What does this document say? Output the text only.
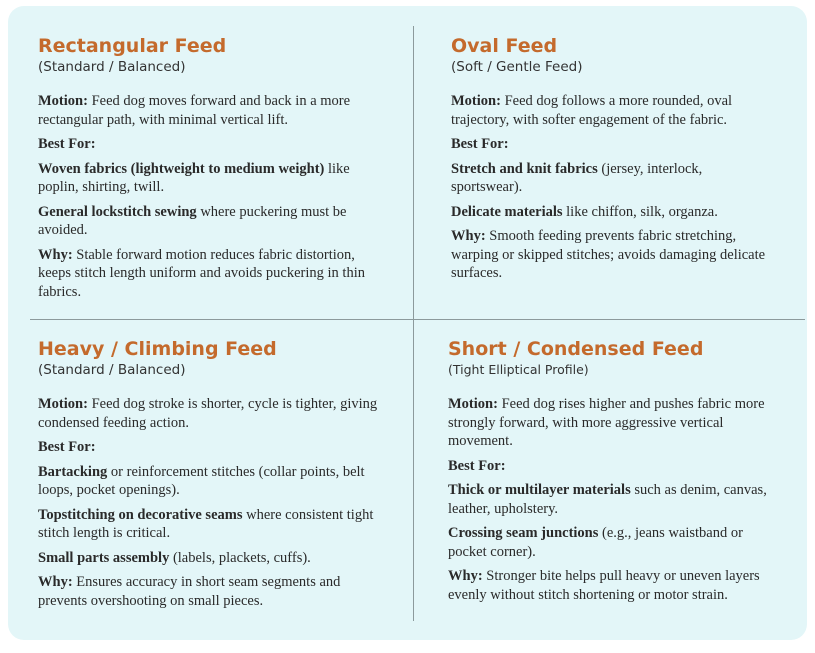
Rectangular Feed
(Standard / Balanced)

Motion: Feed dog moves forward and back in a more rectangular path, with minimal vertical lift.

Best For:

Woven fabrics (lightweight to medium weight) like poplin, shirting, twill.

General lockstitch sewing where puckering must be avoided.

Why: Stable forward motion reduces fabric distortion, keeps stitch length uniform and avoids puckering in thin fabrics.

Oval Feed
(Soft / Gentle Feed)

Motion: Feed dog follows a more rounded, oval trajectory, with softer engagement of the fabric.

Best For:

Stretch and knit fabrics (jersey, interlock, sportswear).

Delicate materials like chiffon, silk, organza.

Why: Smooth feeding prevents fabric stretching, warping or skipped stitches; avoids damaging delicate surfaces.

Heavy / Climbing Feed
(Standard / Balanced)

Motion: Feed dog stroke is shorter, cycle is tighter, giving condensed feeding action.

Best For:

Bartacking or reinforcement stitches (collar points, belt loops, pocket openings).

Topstitching on decorative seams where consistent tight stitch length is critical.

Small parts assembly (labels, plackets, cuffs).

Why: Ensures accuracy in short seam segments and prevents overshooting on small pieces.

Short / Condensed Feed
(Tight Elliptical Profile)

Motion: Feed dog rises higher and pushes fabric more strongly forward, with more aggressive vertical movement.

Best For:

Thick or multilayer materials such as denim, canvas, leather, upholstery.

Crossing seam junctions (e.g., jeans waistband or pocket corner).

Why: Stronger bite helps pull heavy or uneven layers evenly without stitch shortening or motor strain.
